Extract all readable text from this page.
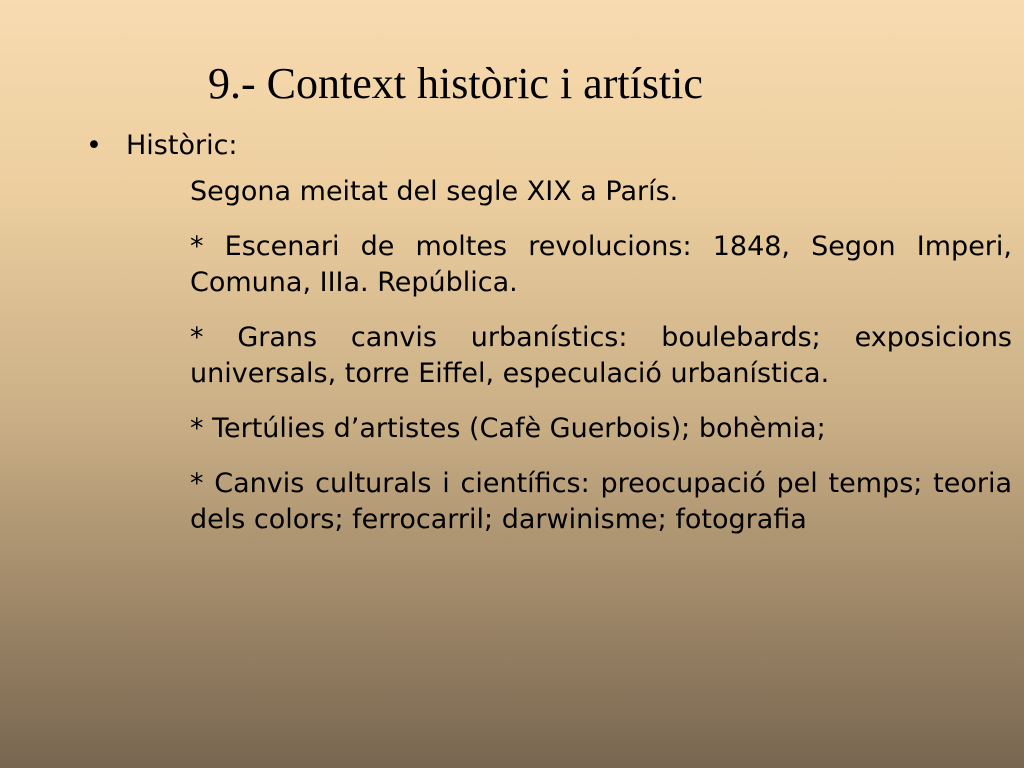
9.- Context històric i artístic
• Històric:

Segona meitat del segle XIX a París.

* Escenari de moltes revolucions: 1848, Segon Imperi, Comuna, IIIa. República.

* Grans canvis urbanístics: boulebards; exposicions universals, torre Eiffel, especulació urbanística.

* Tertúlies d’artistes (Cafè Guerbois); bohèmia;

* Canvis culturals i científics: preocupació pel temps; teoria dels colors; ferrocarril; darwinisme; fotografia
